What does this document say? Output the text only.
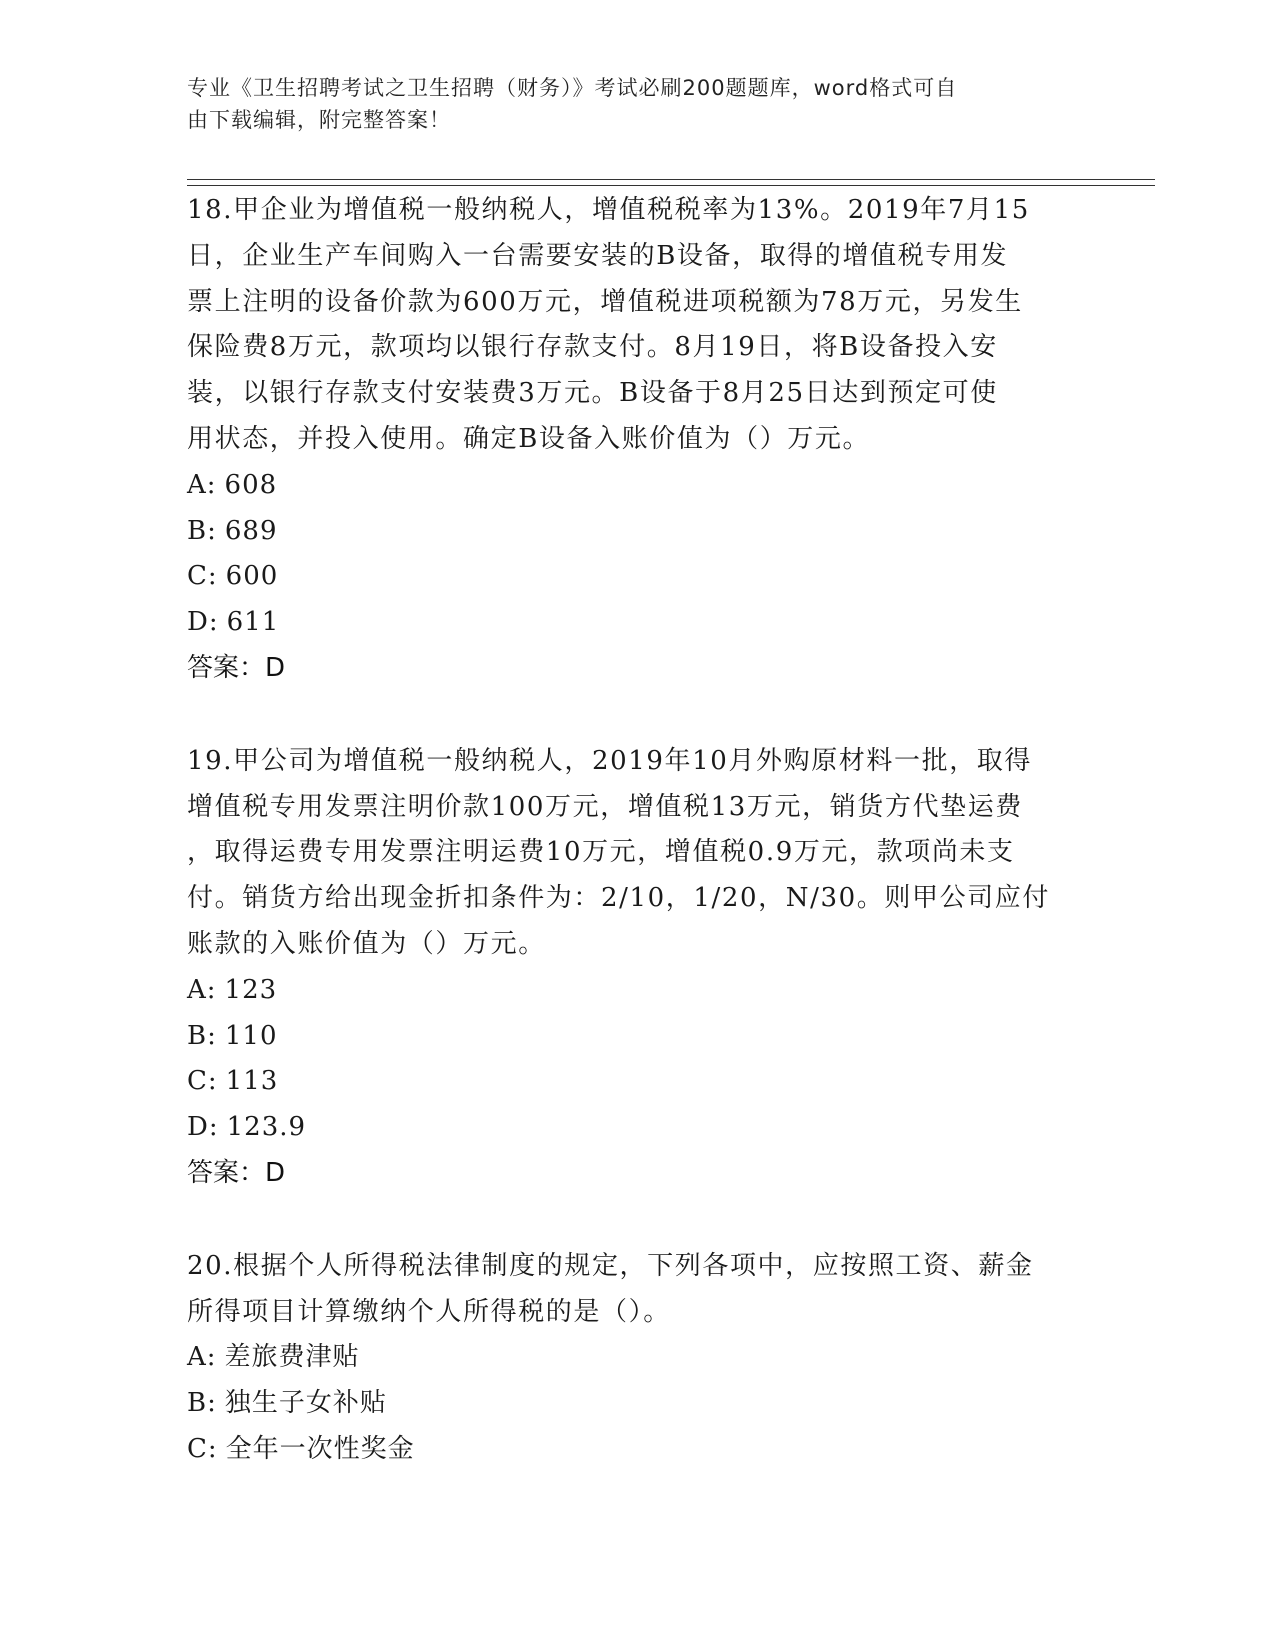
专业《卫生招聘考试之卫生招聘（财务）》考试必刷200题题库，word格式可自
由下载编辑，附完整答案！

18.甲企业为增值税一般纳税人，增值税税率为13%。2019年7月15

日，企业生产车间购入一台需要安装的B设备，取得的增值税专用发

票上注明的设备价款为600万元，增值税进项税额为78万元，另发生

保险费8万元，款项均以银行存款支付。8月19日，将B设备投入安

装，以银行存款支付安装费3万元。B设备于8月25日达到预定可使

用状态，并投入使用。确定B设备入账价值为（）万元。

A: 608

B: 689

C: 600

D: 611

答案：D

19.甲公司为增值税一般纳税人，2019年10月外购原材料一批，取得

增值税专用发票注明价款100万元，增值税13万元，销货方代垫运费

，取得运费专用发票注明运费10万元，增值税0.9万元，款项尚未支

付。销货方给出现金折扣条件为：2/10，1/20，N/30。则甲公司应付

账款的入账价值为（）万元。

A: 123

B: 110

C: 113

D: 123.9

答案：D

20.根据个人所得税法律制度的规定，下列各项中，应按照工资、薪金

所得项目计算缴纳个人所得税的是（）。

A: 差旅费津贴

B: 独生子女补贴

C: 全年一次性奖金
